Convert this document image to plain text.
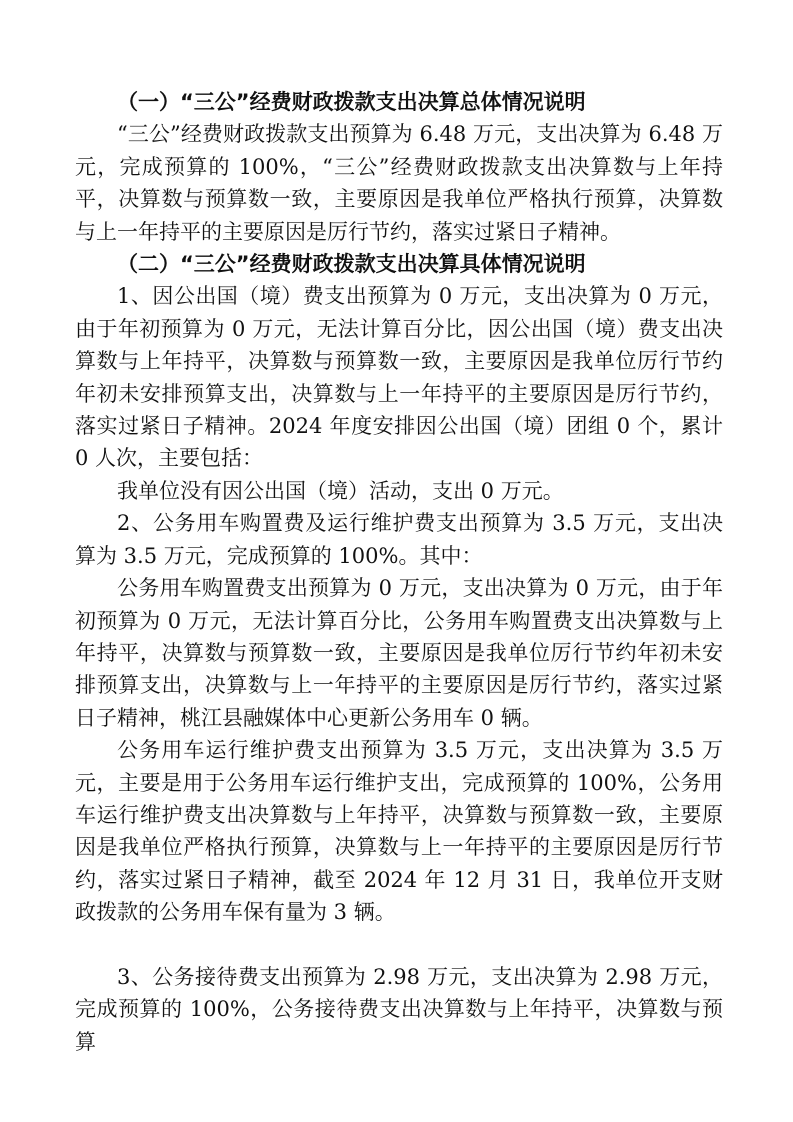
（一）“三公”经费财政拨款支出决算总体情况说明

“三公”经费财政拨款支出预算为 6.48 万元，支出决算为 6.48 万元，完成预算的 100%，“三公”经费财政拨款支出决算数与上年持平，决算数与预算数一致，主要原因是我单位严格执行预算，决算数与上一年持平的主要原因是厉行节约，落实过紧日子精神。

（二）“三公”经费财政拨款支出决算具体情况说明

1、因公出国（境）费支出预算为 0 万元，支出决算为 0 万元，由于年初预算为 0 万元，无法计算百分比，因公出国（境）费支出决算数与上年持平，决算数与预算数一致，主要原因是我单位厉行节约年初未安排预算支出，决算数与上一年持平的主要原因是厉行节约，落实过紧日子精神。2024 年度安排因公出国（境）团组 0 个，累计 0 人次，主要包括：

我单位没有因公出国（境）活动，支出 0 万元。

2、公务用车购置费及运行维护费支出预算为 3.5 万元，支出决算为 3.5 万元，完成预算的 100%。其中：

公务用车购置费支出预算为 0 万元，支出决算为 0 万元，由于年初预算为 0 万元，无法计算百分比，公务用车购置费支出决算数与上年持平，决算数与预算数一致，主要原因是我单位厉行节约年初未安排预算支出，决算数与上一年持平的主要原因是厉行节约，落实过紧日子精神，桃江县融媒体中心更新公务用车 0 辆。

公务用车运行维护费支出预算为 3.5 万元，支出决算为 3.5 万元，主要是用于公务用车运行维护支出，完成预算的 100%，公务用车运行维护费支出决算数与上年持平，决算数与预算数一致，主要原因是我单位严格执行预算，决算数与上一年持平的主要原因是厉行节约，落实过紧日子精神，截至 2024 年 12 月 31 日，我单位开支财政拨款的公务用车保有量为 3 辆。

3、公务接待费支出预算为 2.98 万元，支出决算为 2.98 万元，完成预算的 100%，公务接待费支出决算数与上年持平，决算数与预算
